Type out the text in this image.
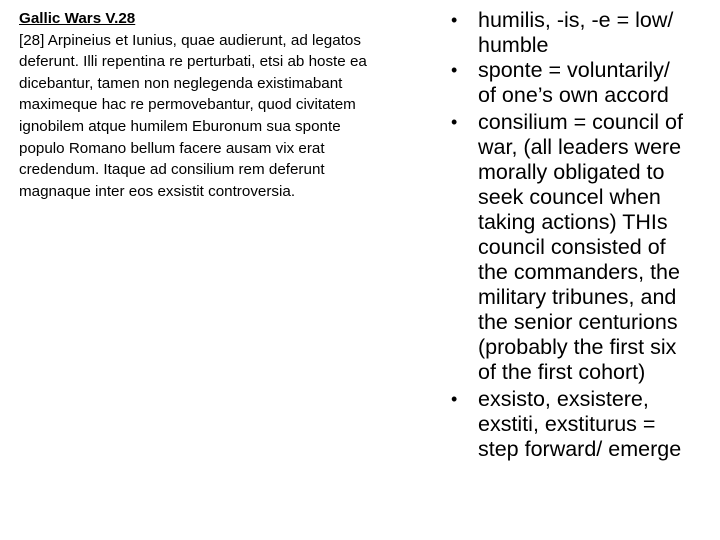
Gallic Wars V.28
[28] Arpineius et Iunius, quae audierunt, ad legatos
deferunt. Illi repentina re perturbati, etsi ab hoste ea
dicebantur, tamen non neglegenda existimabant
maximeque hac re permovebantur, quod civitatem
ignobilem atque humilem Eburonum sua sponte
populo Romano bellum facere ausam vix erat
credendum. Itaque ad consilium rem deferunt
magnaque inter eos exsistit controversia.
• humilis, -is, -e = low/
humble
• sponte = voluntarily/
of one’s own accord
• consilium = council of
war, (all leaders were
morally obligated to
seek councel when
taking actions) THIs
council consisted of
the commanders, the
military tribunes, and
the senior centurions
(probably the first six
of the first cohort)
• exsisto, exsistere,
exstiti, exstiturus =
step forward/ emerge
